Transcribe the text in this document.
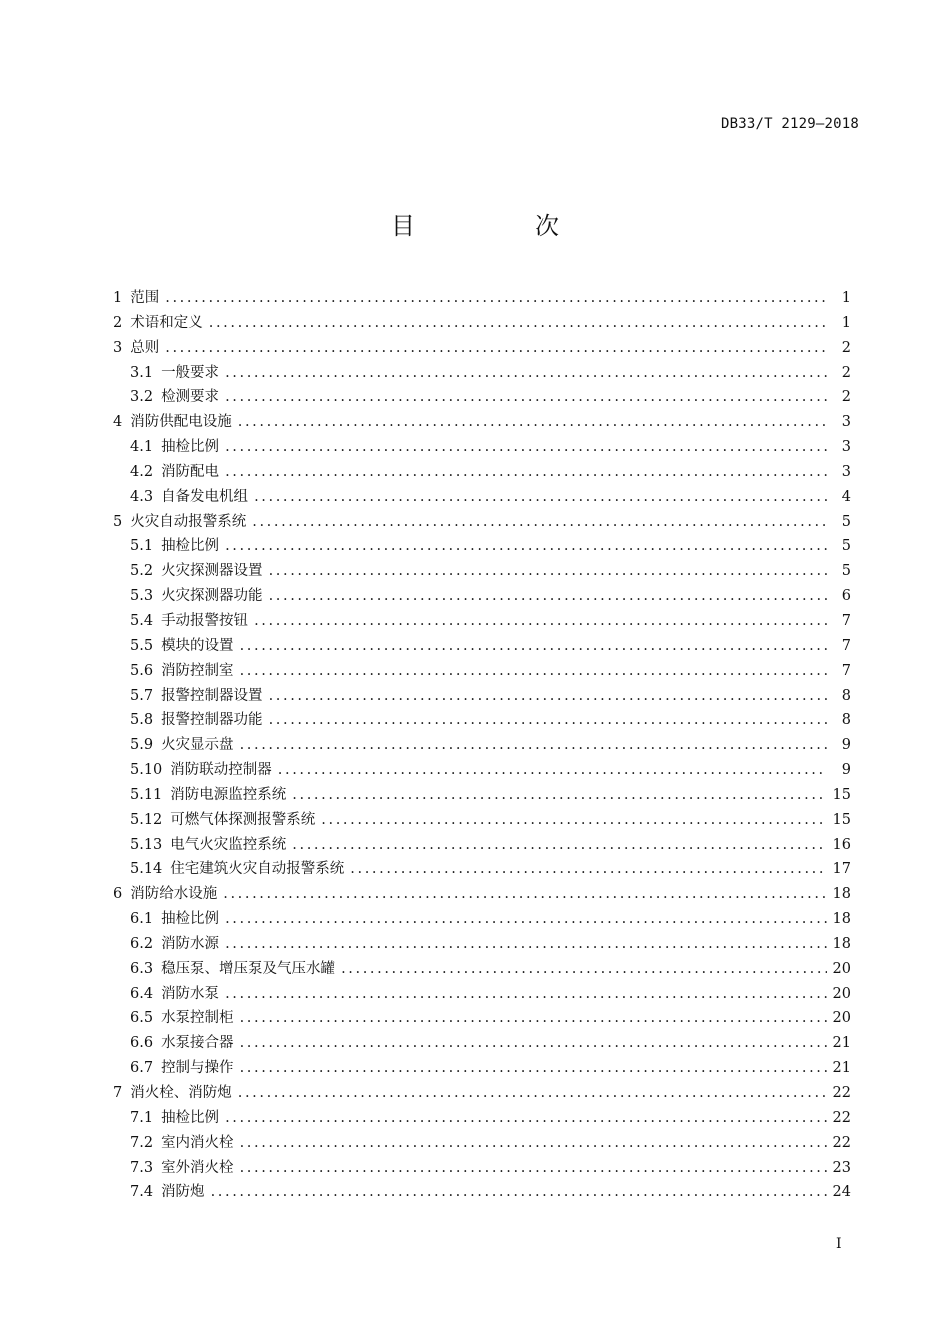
DB33/T 2129—2018
目　次
1 范围 .....	1
2 术语和定义 .....	1
3 总则 .....	2
3.1 一般要求 .....	2
3.2 检测要求 .....	2
4 消防供配电设施 .....	3
4.1 抽检比例 .....	3
4.2 消防配电 .....	3
4.3 自备发电机组 .....	4
5 火灾自动报警系统 .....	5
5.1 抽检比例 .....	5
5.2 火灾探测器设置 .....	5
5.3 火灾探测器功能 .....	6
5.4 手动报警按钮 .....	7
5.5 模块的设置 .....	7
5.6 消防控制室 .....	7
5.7 报警控制器设置 .....	8
5.8 报警控制器功能 .....	8
5.9 火灾显示盘 .....	9
5.10 消防联动控制器 .....	9
5.11 消防电源监控系统 .....	15
5.12 可燃气体探测报警系统 .....	15
5.13 电气火灾监控系统 .....	16
5.14 住宅建筑火灾自动报警系统 .....	17
6 消防给水设施 .....	18
6.1 抽检比例 .....	18
6.2 消防水源 .....	18
6.3 稳压泵、增压泵及气压水罐 .....	20
6.4 消防水泵 .....	20
6.5 水泵控制柜 .....	20
6.6 水泵接合器 .....	21
6.7 控制与操作 .....	21
7 消火栓、消防炮 .....	22
7.1 抽检比例 .....	22
7.2 室内消火栓 .....	22
7.3 室外消火栓 .....	23
7.4 消防炮 .....	24
I
